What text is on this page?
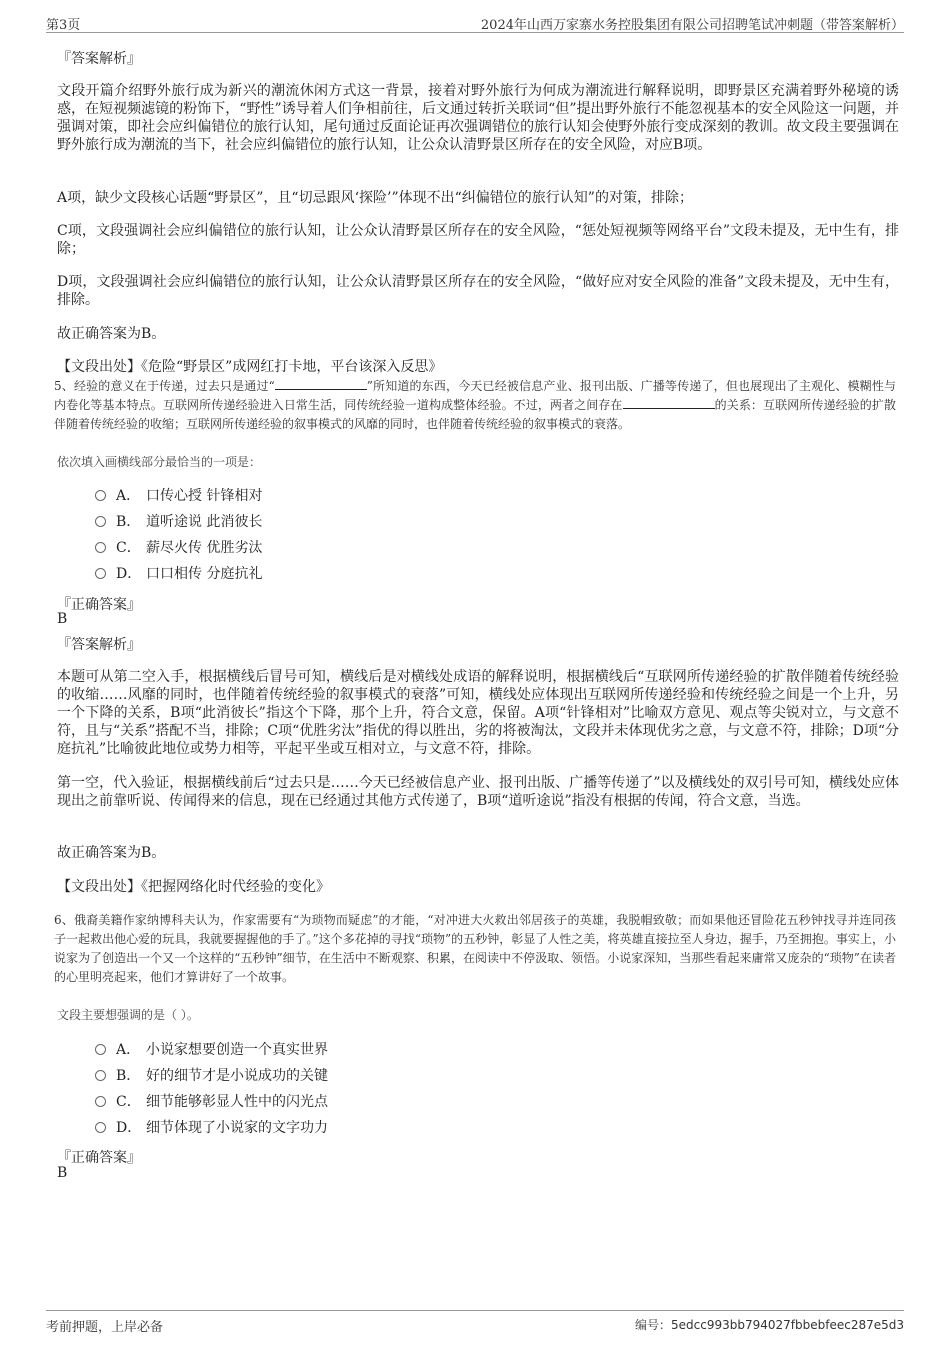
第3页	2024年山西万家寨水务控股集团有限公司招聘笔试冲刺题（带答案解析）
『答案解析』

文段开篇介绍野外旅行成为新兴的潮流休闲方式这一背景，接着对野外旅行为何成为潮流进行解释说明，即野景区充满着野外秘境的诱惑，在短视频滤镜的粉饰下，“野性”诱导着人们争相前往，后文通过转折关联词“但”提出野外旅行不能忽视基本的安全风险这一问题，并强调对策，即社会应纠偏错位的旅行认知，尾句通过反面论证再次强调错位的旅行认知会使野外旅行变成深刻的教训。故文段主要强调在野外旅行成为潮流的当下，社会应纠偏错位的旅行认知，让公众认清野景区所存在的安全风险，对应B项。

A项，缺少文段核心话题“野景区”，且“切忌跟风‘探险’”体现不出“纠偏错位的旅行认知”的对策，排除；

C项，文段强调社会应纠偏错位的旅行认知，让公众认清野景区所存在的安全风险，“惩处短视频等网络平台”文段未提及，无中生有，排除；

D项，文段强调社会应纠偏错位的旅行认知，让公众认清野景区所存在的安全风险，“做好应对安全风险的准备”文段未提及，无中生有，排除。

故正确答案为B。

【文段出处】《危险“野景区”成网红打卡地，平台该深入反思》

5、经验的意义在于传递，过去只是通过“	”所知道的东西，今天已经被信息产业、报刊出版、广播等传递了，但也展现出了主观化、模糊性与内卷化等基本特点。互联网所传递经验进入日常生活，同传统经验一道构成整体经验。不过，两者之间存在	的关系：互联网所传递经验的扩散伴随着传统经验的收缩；互联网所传递经验的叙事模式的风靡的同时，也伴随着传统经验的叙事模式的衰落。

依次填入画横线部分最恰当的一项是：

A． 口传心授 针锋相对
B． 道听途说 此消彼长
C． 薪尽火传 优胜劣汰
D． 口口相传 分庭抗礼
『正确答案』
B
『答案解析』

本题可从第二空入手，根据横线后冒号可知，横线后是对横线处成语的解释说明，根据横线后“互联网所传递经验的扩散伴随着传统经验的收缩……风靡的同时，也伴随着传统经验的叙事模式的衰落”可知，横线处应体现出互联网所传递经验和传统经验之间是一个上升，另一个下降的关系，B项“此消彼长”指这个下降，那个上升，符合文意，保留。A项“针锋相对”比喻双方意见、观点等尖锐对立，与文意不符，且与“关系”搭配不当，排除；C项“优胜劣汰”指优的得以胜出，劣的将被淘汰，文段并未体现优劣之意，与文意不符，排除；D项“分庭抗礼”比喻彼此地位或势力相等，平起平坐或互相对立，与文意不符，排除。

第一空，代入验证，根据横线前后“过去只是……今天已经被信息产业、报刊出版、广播等传递了”以及横线处的双引号可知，横线处应体现出之前靠听说、传闻得来的信息，现在已经通过其他方式传递了，B项“道听途说”指没有根据的传闻，符合文意，当选。

故正确答案为B。

【文段出处】《把握网络化时代经验的变化》

6、俄裔美籍作家纳博科夫认为，作家需要有“为琐物而疑虑”的才能，“对冲进大火救出邻居孩子的英雄，我脱帽致敬；而如果他还冒险花五秒钟找寻并连同孩子一起救出他心爱的玩具，我就要握握他的手了。”这个多花掉的寻找“琐物”的五秒钟，彰显了人性之美，将英雄直接拉至人身边，握手，乃至拥抱。事实上，小说家为了创造出一个又一个这样的“五秒钟”细节，在生活中不断观察、积累，在阅读中不停汲取、领悟。小说家深知，当那些看起来庸常又庞杂的“琐物”在读者的心里明亮起来，他们才算讲好了一个故事。

文段主要想强调的是（ ）。

A． 小说家想要创造一个真实世界
B． 好的细节才是小说成功的关键
C． 细节能够彰显人性中的闪光点
D． 细节体现了小说家的文字功力
『正确答案』
B
考前押题，上岸必备	编号：5edcc993bb794027fbbebfeec287e5d3
